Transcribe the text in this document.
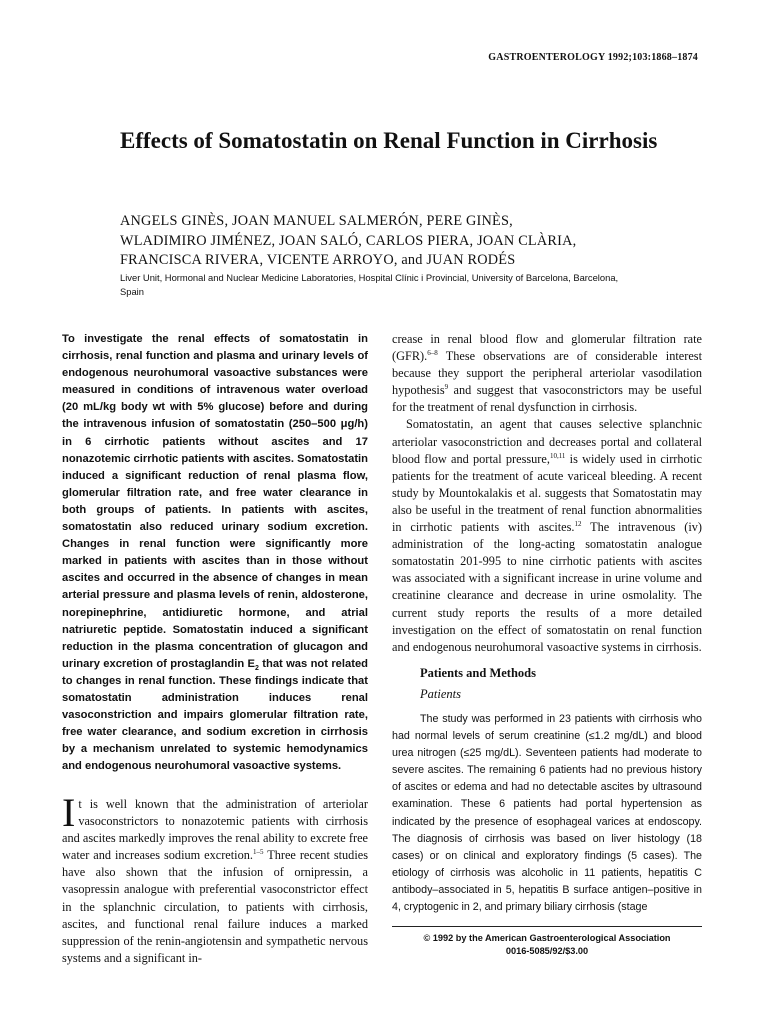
GASTROENTEROLOGY 1992;103:1868–1874
Effects of Somatostatin on Renal Function in Cirrhosis
ANGELS GINÈS, JOAN MANUEL SALMERÓN, PERE GINÈS,
WLADIMIRO JIMÉNEZ, JOAN SALÓ, CARLOS PIERA, JOAN CLÀRIA,
FRANCISCA RIVERA, VICENTE ARROYO, and JUAN RODÉS
Liver Unit, Hormonal and Nuclear Medicine Laboratories, Hospital Clínic i Provincial, University of Barcelona, Barcelona, Spain

To investigate the renal effects of somatostatin in cirrhosis, renal function and plasma and urinary levels of endogenous neurohumoral vasoactive substances were measured in conditions of intravenous water overload (20 mL/kg body wt with 5% glucose) before and during the intravenous infusion of somatostatin (250–500 μg/h) in 6 cirrhotic patients without ascites and 17 nonazotemic cirrhotic patients with ascites. Somatostatin induced a significant reduction of renal plasma flow, glomerular filtration rate, and free water clearance in both groups of patients. In patients with ascites, somatostatin also reduced urinary sodium excretion. Changes in renal function were significantly more marked in patients with ascites than in those without ascites and occurred in the absence of changes in mean arterial pressure and plasma levels of renin, aldosterone, norepinephrine, antidiuretic hormone, and atrial natriuretic peptide. Somatostatin induced a significant reduction in the plasma concentration of glucagon and urinary excretion of prostaglandin $E_2$ that was not related to changes in renal function. These findings indicate that somatostatin administration induces renal vasoconstriction and impairs glomerular filtration rate, free water clearance, and sodium excretion in cirrhosis by a mechanism unrelated to systemic hemodynamics and endogenous neurohumoral vasoactive systems.

It is well known that the administration of arteriolar vasoconstrictors to nonazotemic patients with cirrhosis and ascites markedly improves the renal ability to excrete free water and increases sodium excretion.$^{1-5}$ Three recent studies have also shown that the infusion of ornipressin, a vasopressin analogue with preferential vasoconstrictor effect in the splanchnic circulation, to patients with cirrhosis, ascites, and functional renal failure induces a marked suppression of the renin-angiotensin and sympathetic nervous systems and a significant in-

crease in renal blood flow and glomerular filtration rate (GFR).$^{6-8}$ These observations are of considerable interest because they support the peripheral arteriolar vasodilation hypothesis$^9$ and suggest that vasoconstrictors may be useful for the treatment of renal dysfunction in cirrhosis.

Somatostatin, an agent that causes selective splanchnic arteriolar vasoconstriction and decreases portal and collateral blood flow and portal pressure,$^{10,11}$ is widely used in cirrhotic patients for the treatment of acute variceal bleeding. A recent study by Mountokalakis et al. suggests that Somatostatin may also be useful in the treatment of renal function abnormalities in cirrhotic patients with ascites.$^{12}$ The intravenous (iv) administration of the long-acting somatostatin analogue somatostatin 201-995 to nine cirrhotic patients with ascites was associated with a significant increase in urine volume and creatinine clearance and decrease in urine osmolality. The current study reports the results of a more detailed investigation on the effect of somatostatin on renal function and endogenous neurohumoral vasoactive systems in cirrhosis.

Patients and Methods
Patients

The study was performed in 23 patients with cirrhosis who had normal levels of serum creatinine (≤1.2 mg/dL) and blood urea nitrogen (≤25 mg/dL). Seventeen patients had moderate to severe ascites. The remaining 6 patients had no previous history of ascites or edema and had no detectable ascites by ultrasound examination. These 6 patients had portal hypertension as indicated by the presence of esophageal varices at endoscopy. The diagnosis of cirrhosis was based on liver histology (18 cases) or on clinical and exploratory findings (5 cases). The etiology of cirrhosis was alcoholic in 11 patients, hepatitis C antibody–associated in 5, hepatitis B surface antigen–positive in 4, cryptogenic in 2, and primary biliary cirrhosis (stage

© 1992 by the American Gastroenterological Association
0016-5085/92/$3.00
